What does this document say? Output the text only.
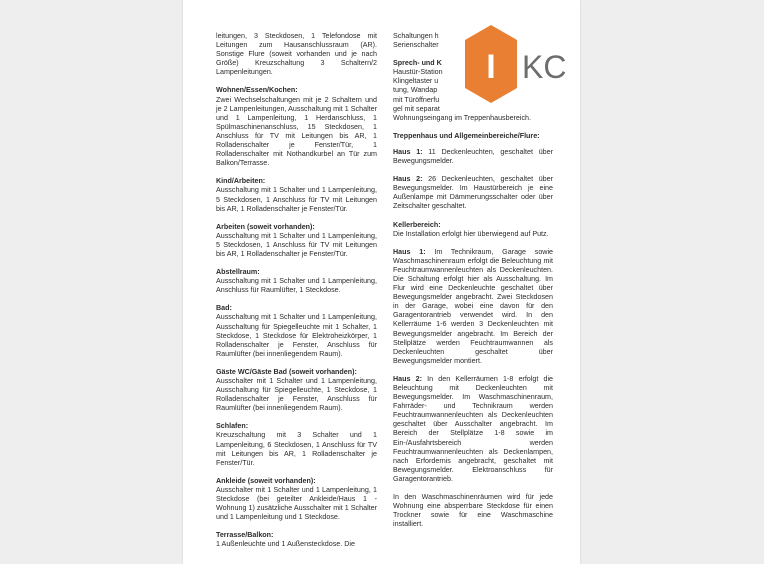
leitungen, 3 Steckdosen, 1 Telefondose mit Leitungen zum Hausanschlussraum (AR). Sonstige Flure (soweit vorhanden und je nach Größe) Kreuzschaltung 3 Schaltern/2 Lampenleitungen.

Wohnen/Essen/Kochen:

Zwei Wechselschaltungen mit je 2 Schaltern und je 2 Lampenleitungen, Ausschaltung mit 1 Schalter und 1 Lampenleitung, 1 Herdanschluss, 1 Spülmaschinenanschluss, 15 Steckdosen, 1 Anschluss für TV mit Leitungen bis AR, 1 Rolladenschalter je Fenster/Tür, 1 Rolladenschalter mit Nothandkurbel an Tür zum Balkon/Terrasse.

Kind/Arbeiten:

Ausschaltung mit 1 Schalter und 1 Lampenleitung, 5 Steckdosen, 1 Anschluss für TV mit Leitungen bis AR, 1 Rolladenschalter je Fenster/Tür.

Arbeiten (soweit vorhanden):

Ausschaltung mit 1 Schalter und 1 Lampenleitung, 5 Steckdosen, 1 Anschluss für TV mit Leitungen bis AR, 1 Rolladenschalter je Fenster/Tür.

Abstellraum:

Ausschaltung mit 1 Schalter und 1 Lampenleitung, Anschluss für Raumlüfter, 1 Steckdose.

Bad:

Ausschaltung mit 1 Schalter und 1 Lampenleitung, Ausschaltung für Spiegelleuchte mit 1 Schalter, 1 Steckdose, 1 Steckdose für Elektroheizkörper, 1 Rolladenschalter je Fenster, Anschluss für Raumlüfter (bei innenliegendem Raum).

Gäste WC/Gäste Bad (soweit vorhanden):

Ausschalter mit 1 Schalter und 1 Lampenleitung, Ausschaltung für Spiegelleuchte, 1 Steckdose, 1 Rolladenschalter je Fenster, Anschluss für Raumlüfter (bei innenliegendem Raum).

Schlafen:

Kreuzschaltung mit 3 Schalter und 1 Lampenleitung, 6 Steckdosen, 1 Anschluss für TV mit Leitungen bis AR, 1 Rolladenschalter je Fenster/Tür.

Ankleide (soweit vorhanden):

Ausschalter mit 1 Schalter und 1 Lampenleitung, 1 Steckdose (bei geteilter Ankleide/Haus 1 - Wohnung 1) zusätzliche Ausschalter mit 1 Schalter und 1 Lampenleitung und 1 Steckdose.

Terrasse/Balkon:

1 Außenleuchte und 1 Außensteckdose. Die

Schaltungen h

Serienschalter

Sprech- und K

Haustür-Station

Klingeltaster u

tung, Wandap

mit Türöffnerfu

gel mit separat

Wohnungseingang im Treppenhausbereich.

Treppenhaus und Allgemeinbereiche/Flure:

Haus 1: 11 Deckenleuchten, geschaltet über Bewegungsmelder.

Haus 2: 26 Deckenleuchten, geschaltet über Bewegungsmelder. Im Haustürbereich je eine Außenlampe mit Dämmerungsschalter oder über Zeitschalter geschaltet.

Kellerbereich:

Die Installation erfolgt hier überwiegend auf Putz.

Haus 1: Im Technikraum, Garage sowie Waschmaschinenraum erfolgt die Beleuchtung mit Feuchtraumwannenleuchten als Deckenleuchten. Die Schaltung erfolgt hier als Ausschaltung. Im Flur wird eine Deckenleuchte geschaltet über Bewegungsmelder angebracht. Zwei Steckdosen in der Garage, wobei eine davon für den Garagentorantrieb verwendet wird. In den Kellerräume 1-6 werden 3 Deckenleuchten mit Bewegungsmelder angebracht. Im Bereich der Stellplätze werden Feuchtraumwannen als Deckenleuchten geschaltet über Bewegungsmelder montiert.

Haus 2: In den Kellerräumen 1-8 erfolgt die Beleuchtung mit Deckenleuchten mit Bewegungsmelder. Im Waschmaschinenraum, Fahrräder- und Technikraum werden Feuchtraumwannenleuchten als Deckenleuchten geschaltet über Ausschalter angebracht. Im Bereich der Stellplätze 1-8 sowie im Ein-/Ausfahrtsbereich werden Feuchtraumwannenleuchten als Deckenlampen, nach Erfordernis angebracht, geschaltet mit Bewegungsmelder. Elektroanschluss für Garagentorantrieb.

In den Waschmaschinenräumen wird für jede Wohnung eine absperrbare Steckdose für einen Trockner sowie für eine Waschmaschine installiert.

I KC
